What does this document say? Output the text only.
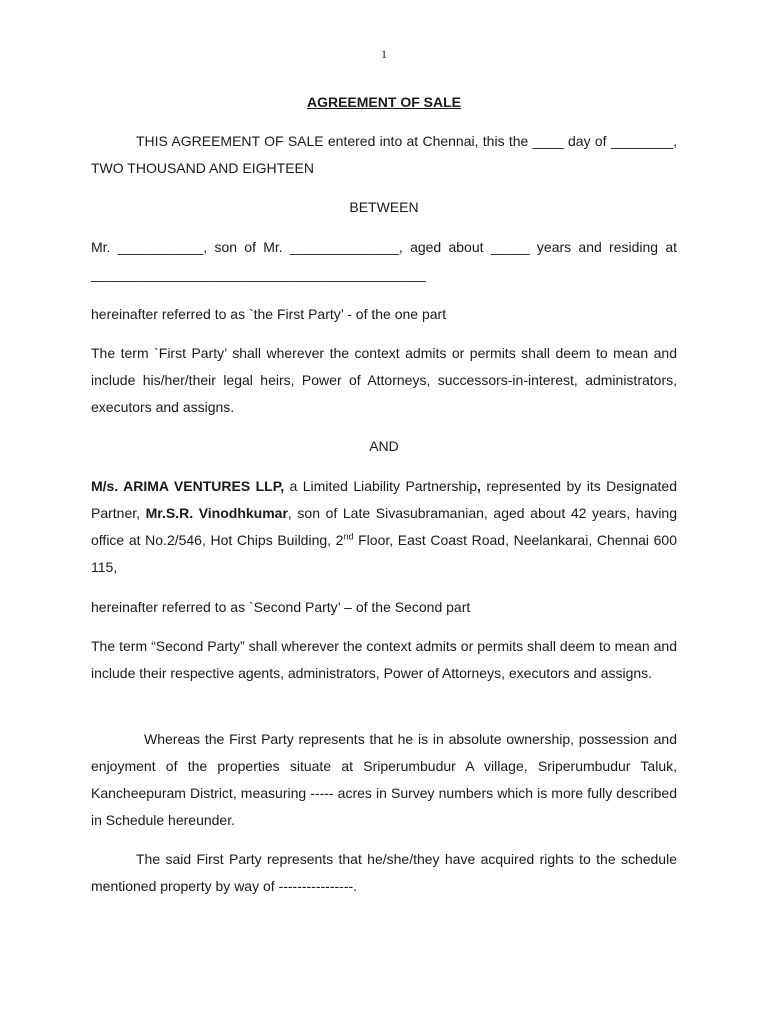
1
AGREEMENT OF SALE

THIS AGREEMENT OF SALE entered into at Chennai, this the ____ day of ________, TWO THOUSAND AND EIGHTEEN

BETWEEN

Mr. ___________, son of Mr. ______________, aged about _____ years and residing at ___________________________________________

hereinafter referred to as `the First Party’ - of the one part

The term `First Party’ shall wherever the context admits or permits shall deem to mean and include his/her/their legal heirs, Power of Attorneys, successors-in-interest, administrators, executors and assigns.

AND

M/s. ARIMA VENTURES LLP, a Limited Liability Partnership, represented by its Designated Partner, Mr.S.R. Vinodhkumar, son of Late Sivasubramanian, aged about 42 years, having office at No.2/546, Hot Chips Building, 2nd Floor, East Coast Road, Neelankarai, Chennai 600 115,

hereinafter referred to as `Second Party’ – of the Second part

The term “Second Party” shall wherever the context admits or permits shall deem to mean and include their respective agents, administrators, Power of Attorneys, executors and assigns.

Whereas the First Party represents that he is in absolute ownership, possession and enjoyment of the properties situate at Sriperumbudur A village, Sriperumbudur Taluk, Kancheepuram District, measuring ----- acres in Survey numbers which is more fully described in Schedule hereunder.

The said First Party represents that he/she/they have acquired rights to the schedule mentioned property by way of ----------------.
